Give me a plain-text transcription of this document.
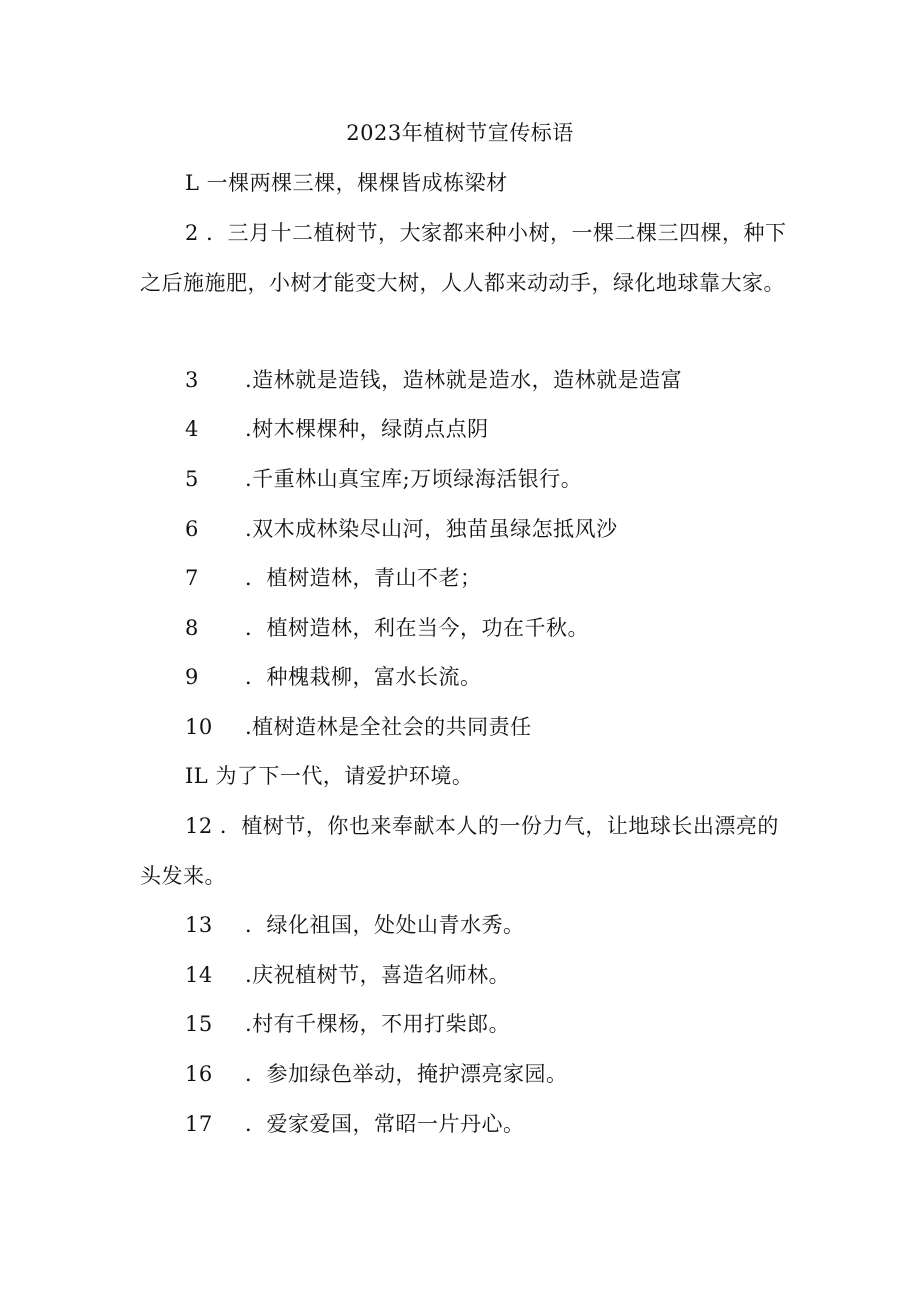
2023年植树节宣传标语
L 一棵两棵三棵，棵棵皆成栋梁材
2 ．三月十二植树节，大家都来种小树，一棵二棵三四棵，种下之后施施肥，小树才能变大树，人人都来动动手，绿化地球靠大家。
3 .造林就是造钱，造林就是造水，造林就是造富
4 .树木棵棵种，绿荫点点阴
5 .千重林山真宝库;万顷绿海活银行。
6 .双木成林染尽山河，独苗虽绿怎抵风沙
7 ．植树造林，青山不老；
8 ．植树造林，利在当今，功在千秋。
9 ．种槐栽柳，富水长流。
10 .植树造林是全社会的共同责任
IL 为了下一代，请爱护环境。
12 ．植树节，你也来奉献本人的一份力气，让地球长出漂亮的头发来。
13 ．绿化祖国，处处山青水秀。
14 .庆祝植树节，喜造名师林。
15 .村有千棵杨，不用打柴郎。
16 ．参加绿色举动，掩护漂亮家园。
17 ．爱家爱国，常昭一片丹心。
